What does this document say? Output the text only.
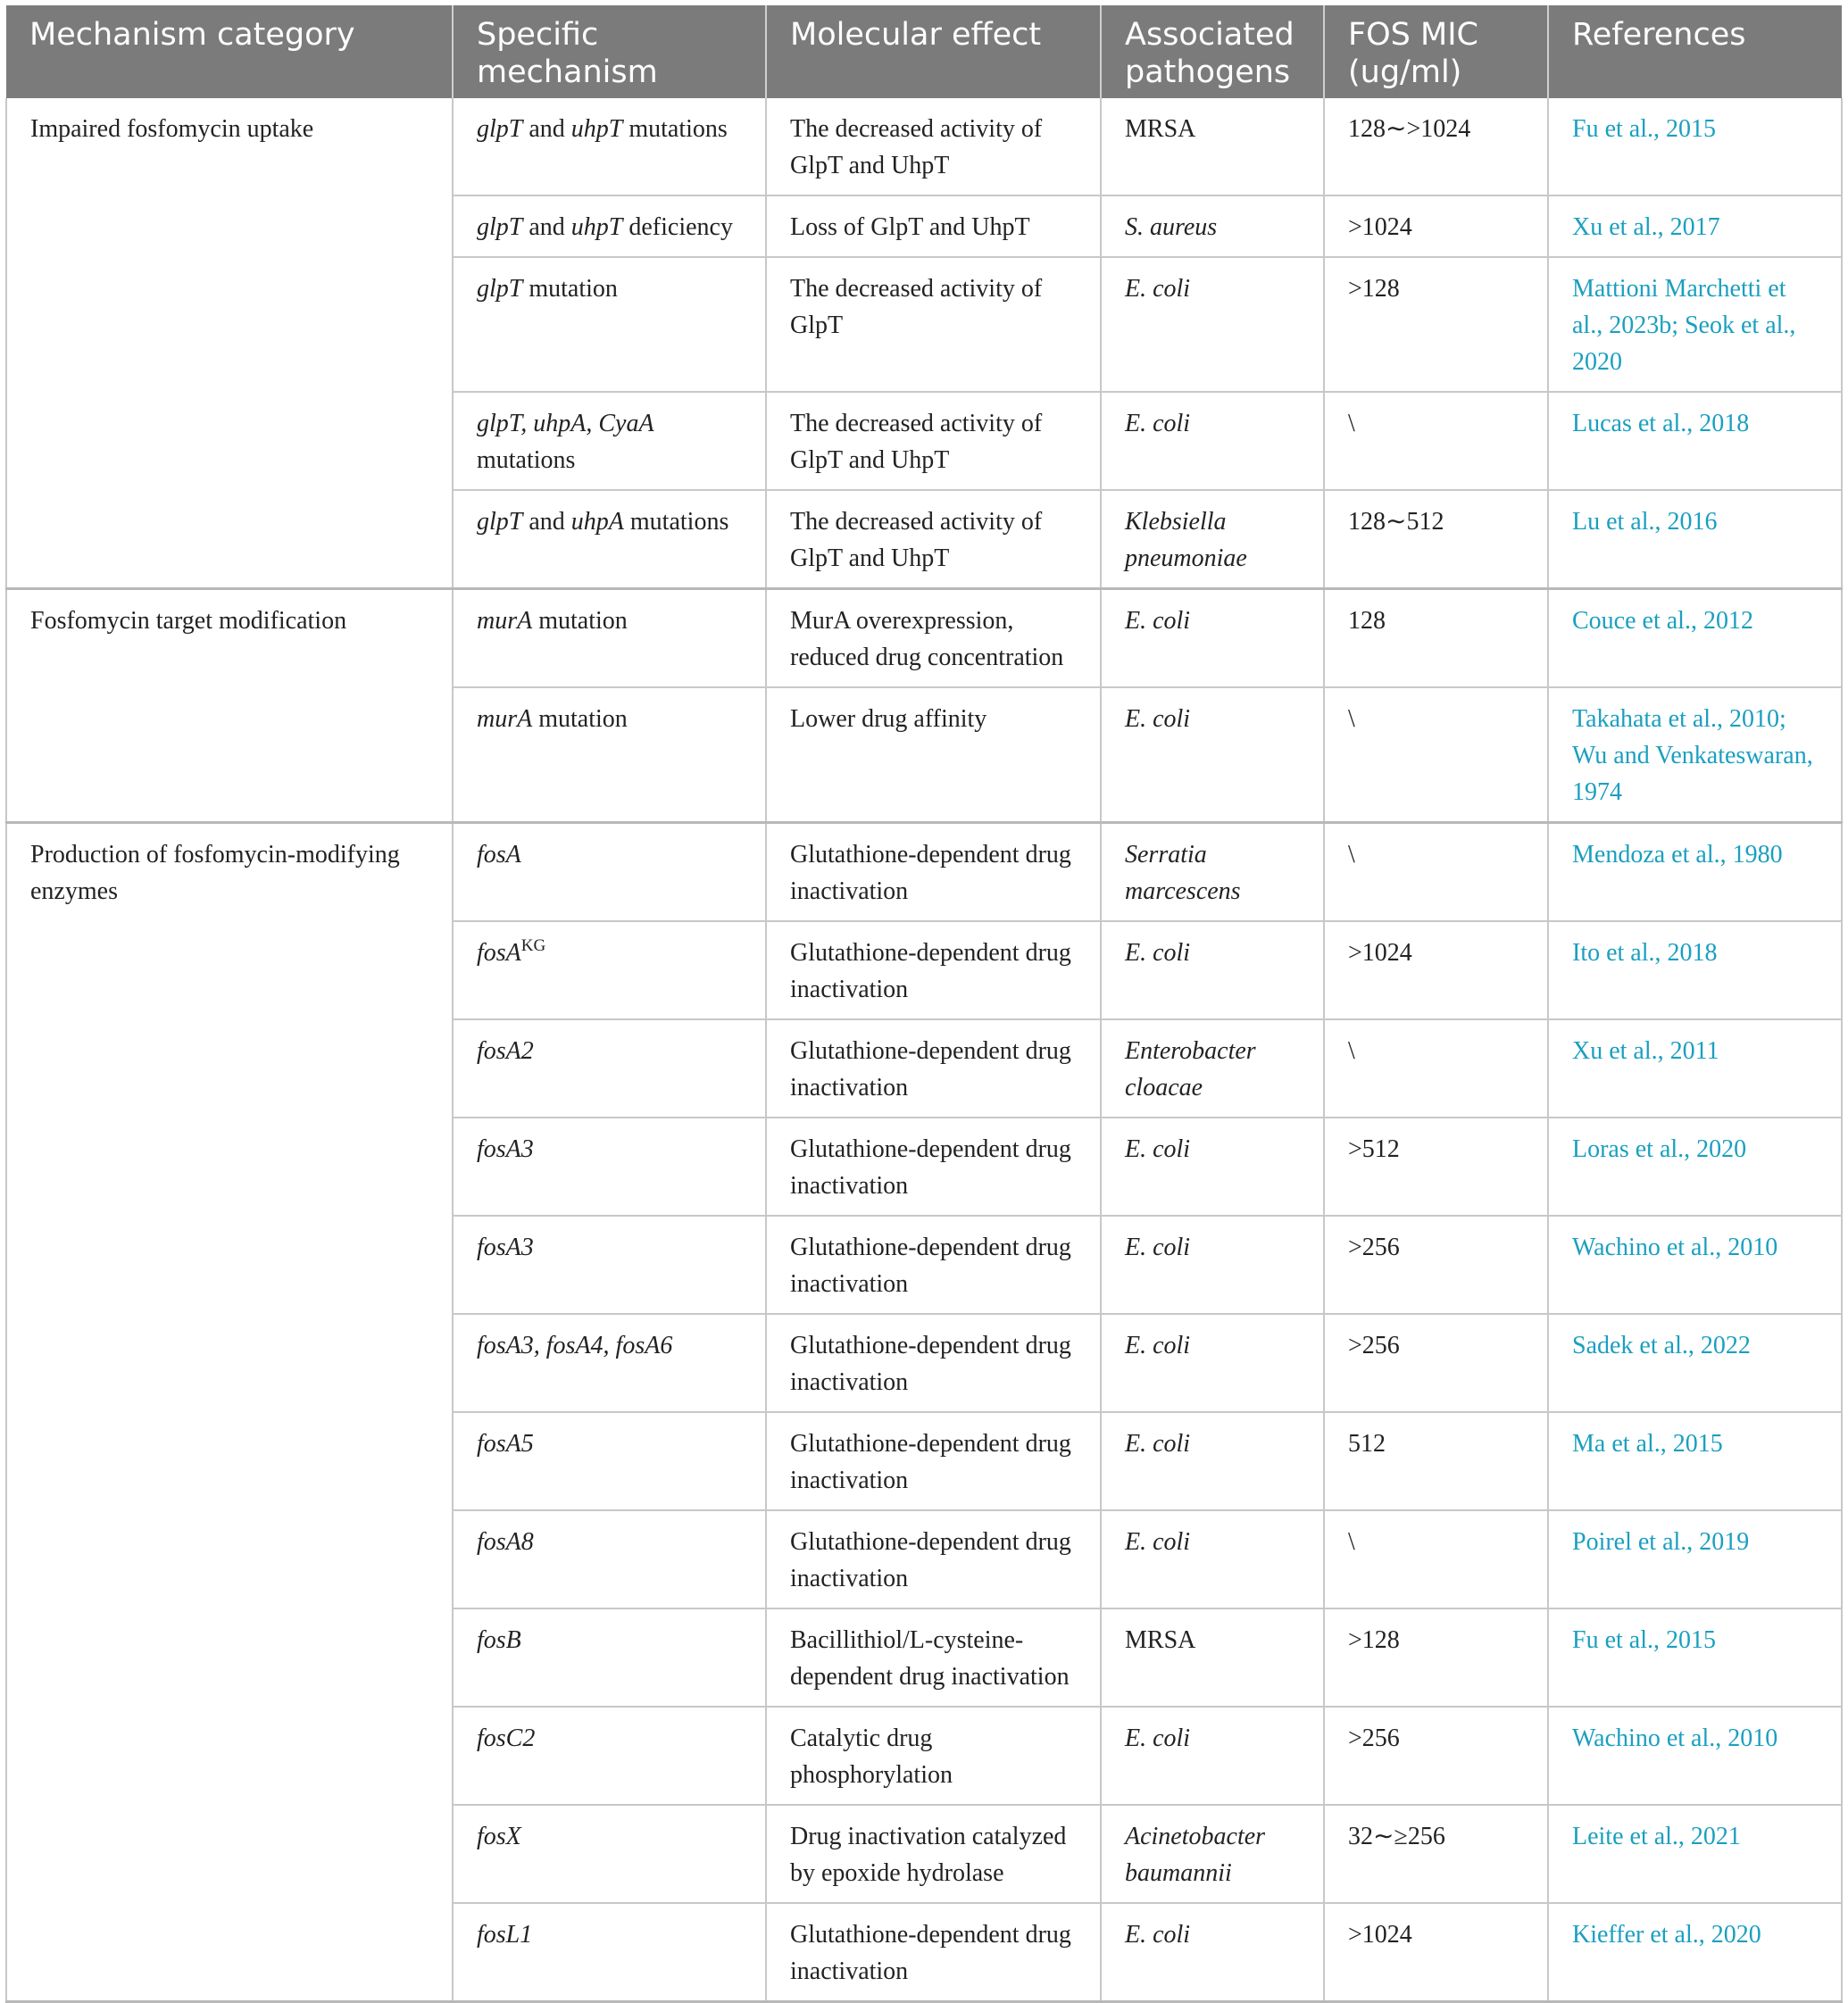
Mechanism category	Specific mechanism	Molecular effect	Associated pathogens	FOS MIC (ug/ml)	References
Impaired fosfomycin uptake	glpT and uhpT mutations	The decreased activity of GlpT and UhpT	MRSA	128∼>1024	Fu et al., 2015
	glpT and uhpT deficiency	Loss of GlpT and UhpT	S. aureus	>1024	Xu et al., 2017
	glpT mutation	The decreased activity of GlpT	E. coli	>128	Mattioni Marchetti et al., 2023b; Seok et al., 2020
	glpT, uhpA, CyaA mutations	The decreased activity of GlpT and UhpT	E. coli	\	Lucas et al., 2018
	glpT and uhpA mutations	The decreased activity of GlpT and UhpT	Klebsiella pneumoniae	128∼512	Lu et al., 2016
Fosfomycin target modification	murA mutation	MurA overexpression, reduced drug concentration	E. coli	128	Couce et al., 2012
	murA mutation	Lower drug affinity	E. coli	\	Takahata et al., 2010; Wu and Venkateswaran, 1974
Production of fosfomycin-modifying enzymes	fosA	Glutathione-dependent drug inactivation	Serratia marcescens	\	Mendoza et al., 1980
	fosA$^{KG}$	Glutathione-dependent drug inactivation	E. coli	>1024	Ito et al., 2018
	fosA2	Glutathione-dependent drug inactivation	Enterobacter cloacae	\	Xu et al., 2011
	fosA3	Glutathione-dependent drug inactivation	E. coli	>512	Loras et al., 2020
	fosA3	Glutathione-dependent drug inactivation	E. coli	>256	Wachino et al., 2010
	fosA3, fosA4, fosA6	Glutathione-dependent drug inactivation	E. coli	>256	Sadek et al., 2022
	fosA5	Glutathione-dependent drug inactivation	E. coli	512	Ma et al., 2015
	fosA8	Glutathione-dependent drug inactivation	E. coli	\	Poirel et al., 2019
	fosB	Bacillithiol/L-cysteine-dependent drug inactivation	MRSA	>128	Fu et al., 2015
	fosC2	Catalytic drug phosphorylation	E. coli	>256	Wachino et al., 2010
	fosX	Drug inactivation catalyzed by epoxide hydrolase	Acinetobacter baumannii	32∼≥256	Leite et al., 2021
	fosL1	Glutathione-dependent drug inactivation	E. coli	>1024	Kieffer et al., 2020
